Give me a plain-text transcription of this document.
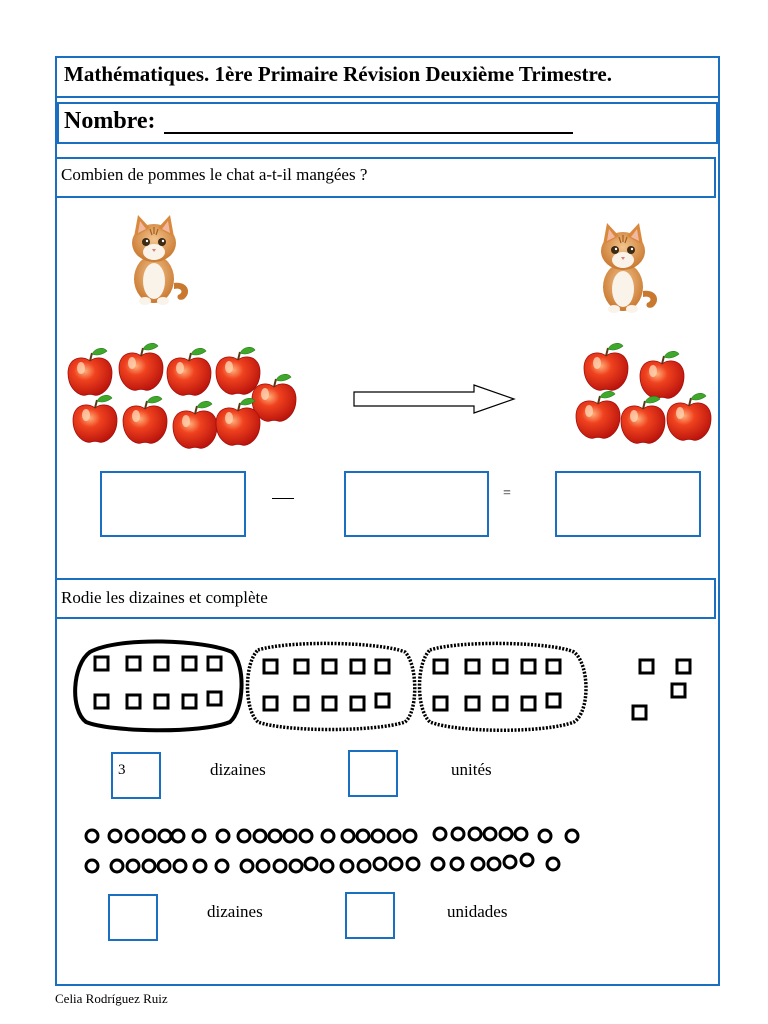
Mathématiques. 1ère Primaire Révision Deuxième Trimestre.
Nombre:
Combien de pommes le chat a-t-il mangées ?
=
Rodie les dizaines et complète
3	dizaines	unités
dizaines	unidades
Celia Rodríguez Ruiz
